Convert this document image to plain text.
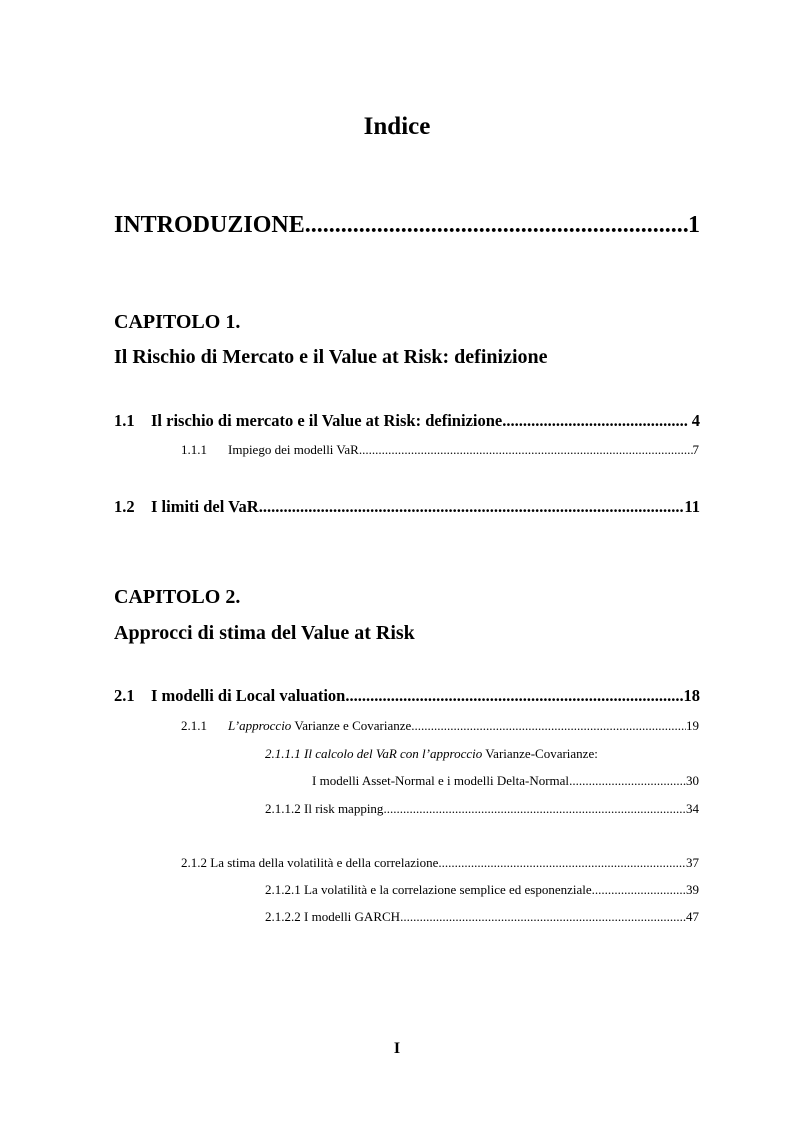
Indice
INTRODUZIONE .....	1
CAPITOLO 1.
Il Rischio di Mercato e il Value at Risk: definizione
1.1 Il rischio di mercato e il Value at Risk: definizione .....	4
1.1.1 Impiego dei modelli VaR .....	7
1.2 I limiti del VaR .....	11
CAPITOLO 2.
Approcci di stima del Value at Risk
2.1 I modelli di Local valuation .....	18
2.1.1 L’approccio Varianze e Covarianze .....	19
2.1.1.1 Il calcolo del VaR con l’approccio Varianze-Covarianze:
I modelli Asset-Normal e i modelli Delta-Normal .....	30
2.1.1.2 Il risk mapping .....	34
2.1.2 La stima della volatilità e della correlazione .....	37
2.1.2.1 La volatilità e la correlazione semplice ed esponenziale .....	39
2.1.2.2 I modelli GARCH .....	47
I
